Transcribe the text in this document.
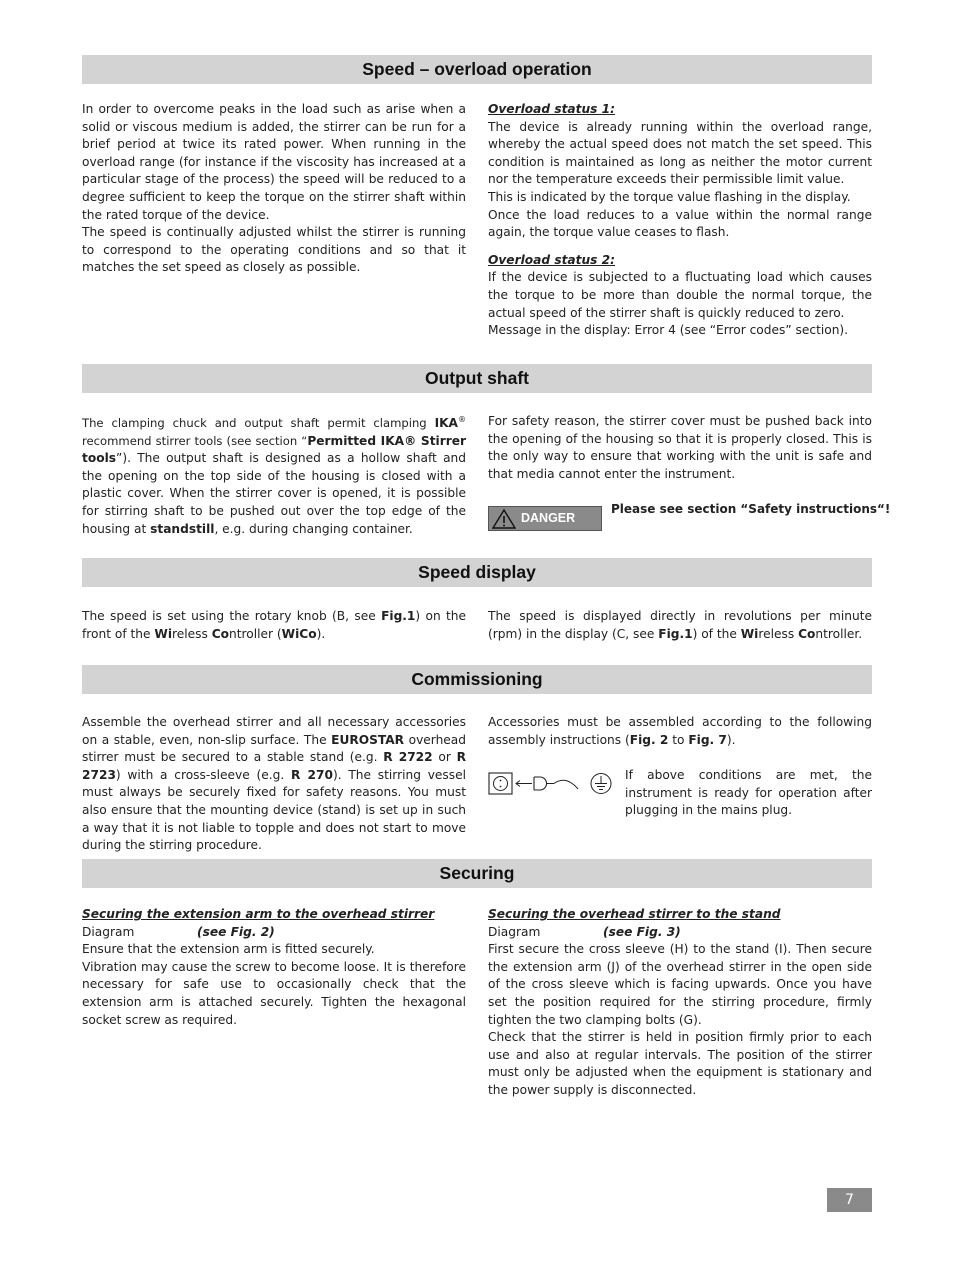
Speed – overload operation

In order to overcome peaks in the load such as arise when a solid or viscous medium is added, the stirrer can be run for a brief period at twice its rated power. When running in the overload range (for instance if the viscosity has increased at a particular stage of the process) the speed will be reduced to a degree sufficient to keep the torque on the stirrer shaft within the rated torque of the device.

The speed is continually adjusted whilst the stirrer is running to correspond to the operating conditions and so that it matches the set speed as closely as possible.

Overload status 1:

The device is already running within the overload range, whereby the actual speed does not match the set speed. This condition is maintained as long as neither the motor current nor the temperature exceeds their permissible limit value.

This is indicated by the torque value flashing in the display.

Once the load reduces to a value within the normal range again, the torque value ceases to flash.

Overload status 2:

If the device is subjected to a fluctuating load which causes the torque to be more than double the normal torque, the actual speed of the stirrer shaft is quickly reduced to zero.

Message in the display: Error 4 (see “Error codes” section).

Output shaft

The clamping chuck and output shaft permit clamping IKA® recommend stirrer tools (see section “Permitted IKA® Stirrer tools”). The output shaft is designed as a hollow shaft and the opening on the top side of the housing is closed with a plastic cover. When the stirrer cover is opened, it is possible for stirring shaft to be pushed out over the top edge of the housing at standstill, e.g. during changing container.

For safety reason, the stirrer cover must be pushed back into the opening of the housing so that it is properly closed. This is the only way to ensure that working with the unit is safe and that media cannot enter the instrument.

DANGER
Please see section “Safety instructions“!
Speed display

The speed is set using the rotary knob (B, see Fig.1) on the front of the Wireless Controller (WiCo).

The speed is displayed directly in revolutions per minute (rpm) in the display (C, see Fig.1) of the Wireless Controller.

Commissioning

Assemble the overhead stirrer and all necessary accessories on a stable, even, non-slip surface. The EUROSTAR overhead stirrer must be secured to a stable stand (e.g. R 2722 or R 2723) with a cross-sleeve (e.g. R 270). The stirring vessel must always be securely fixed for safety reasons. You must also ensure that the mounting device (stand) is set up in such a way that it is not liable to topple and does not start to move during the stirring procedure.

Accessories must be assembled according to the following assembly instructions (Fig. 2 to Fig. 7).

If above conditions are met, the instrument is ready for operation after plugging in the mains plug.
Securing

Securing the extension arm to the overhead stirrer

Diagram	(see Fig. 2)

Ensure that the extension arm is fitted securely.

Vibration may cause the screw to become loose. It is therefore necessary for safe use to occasionally check that the extension arm is attached securely. Tighten the hexagonal socket screw as required.

Securing the overhead stirrer to the stand

Diagram	(see Fig. 3)

First secure the cross sleeve (H) to the stand (I). Then secure the extension arm (J) of the overhead stirrer in the open side of the cross sleeve which is facing upwards. Once you have set the position required for the stirring procedure, firmly tighten the two clamping bolts (G).

Check that the stirrer is held in position firmly prior to each use and also at regular intervals. The position of the stirrer must only be adjusted when the equipment is stationary and the power supply is disconnected.

7
